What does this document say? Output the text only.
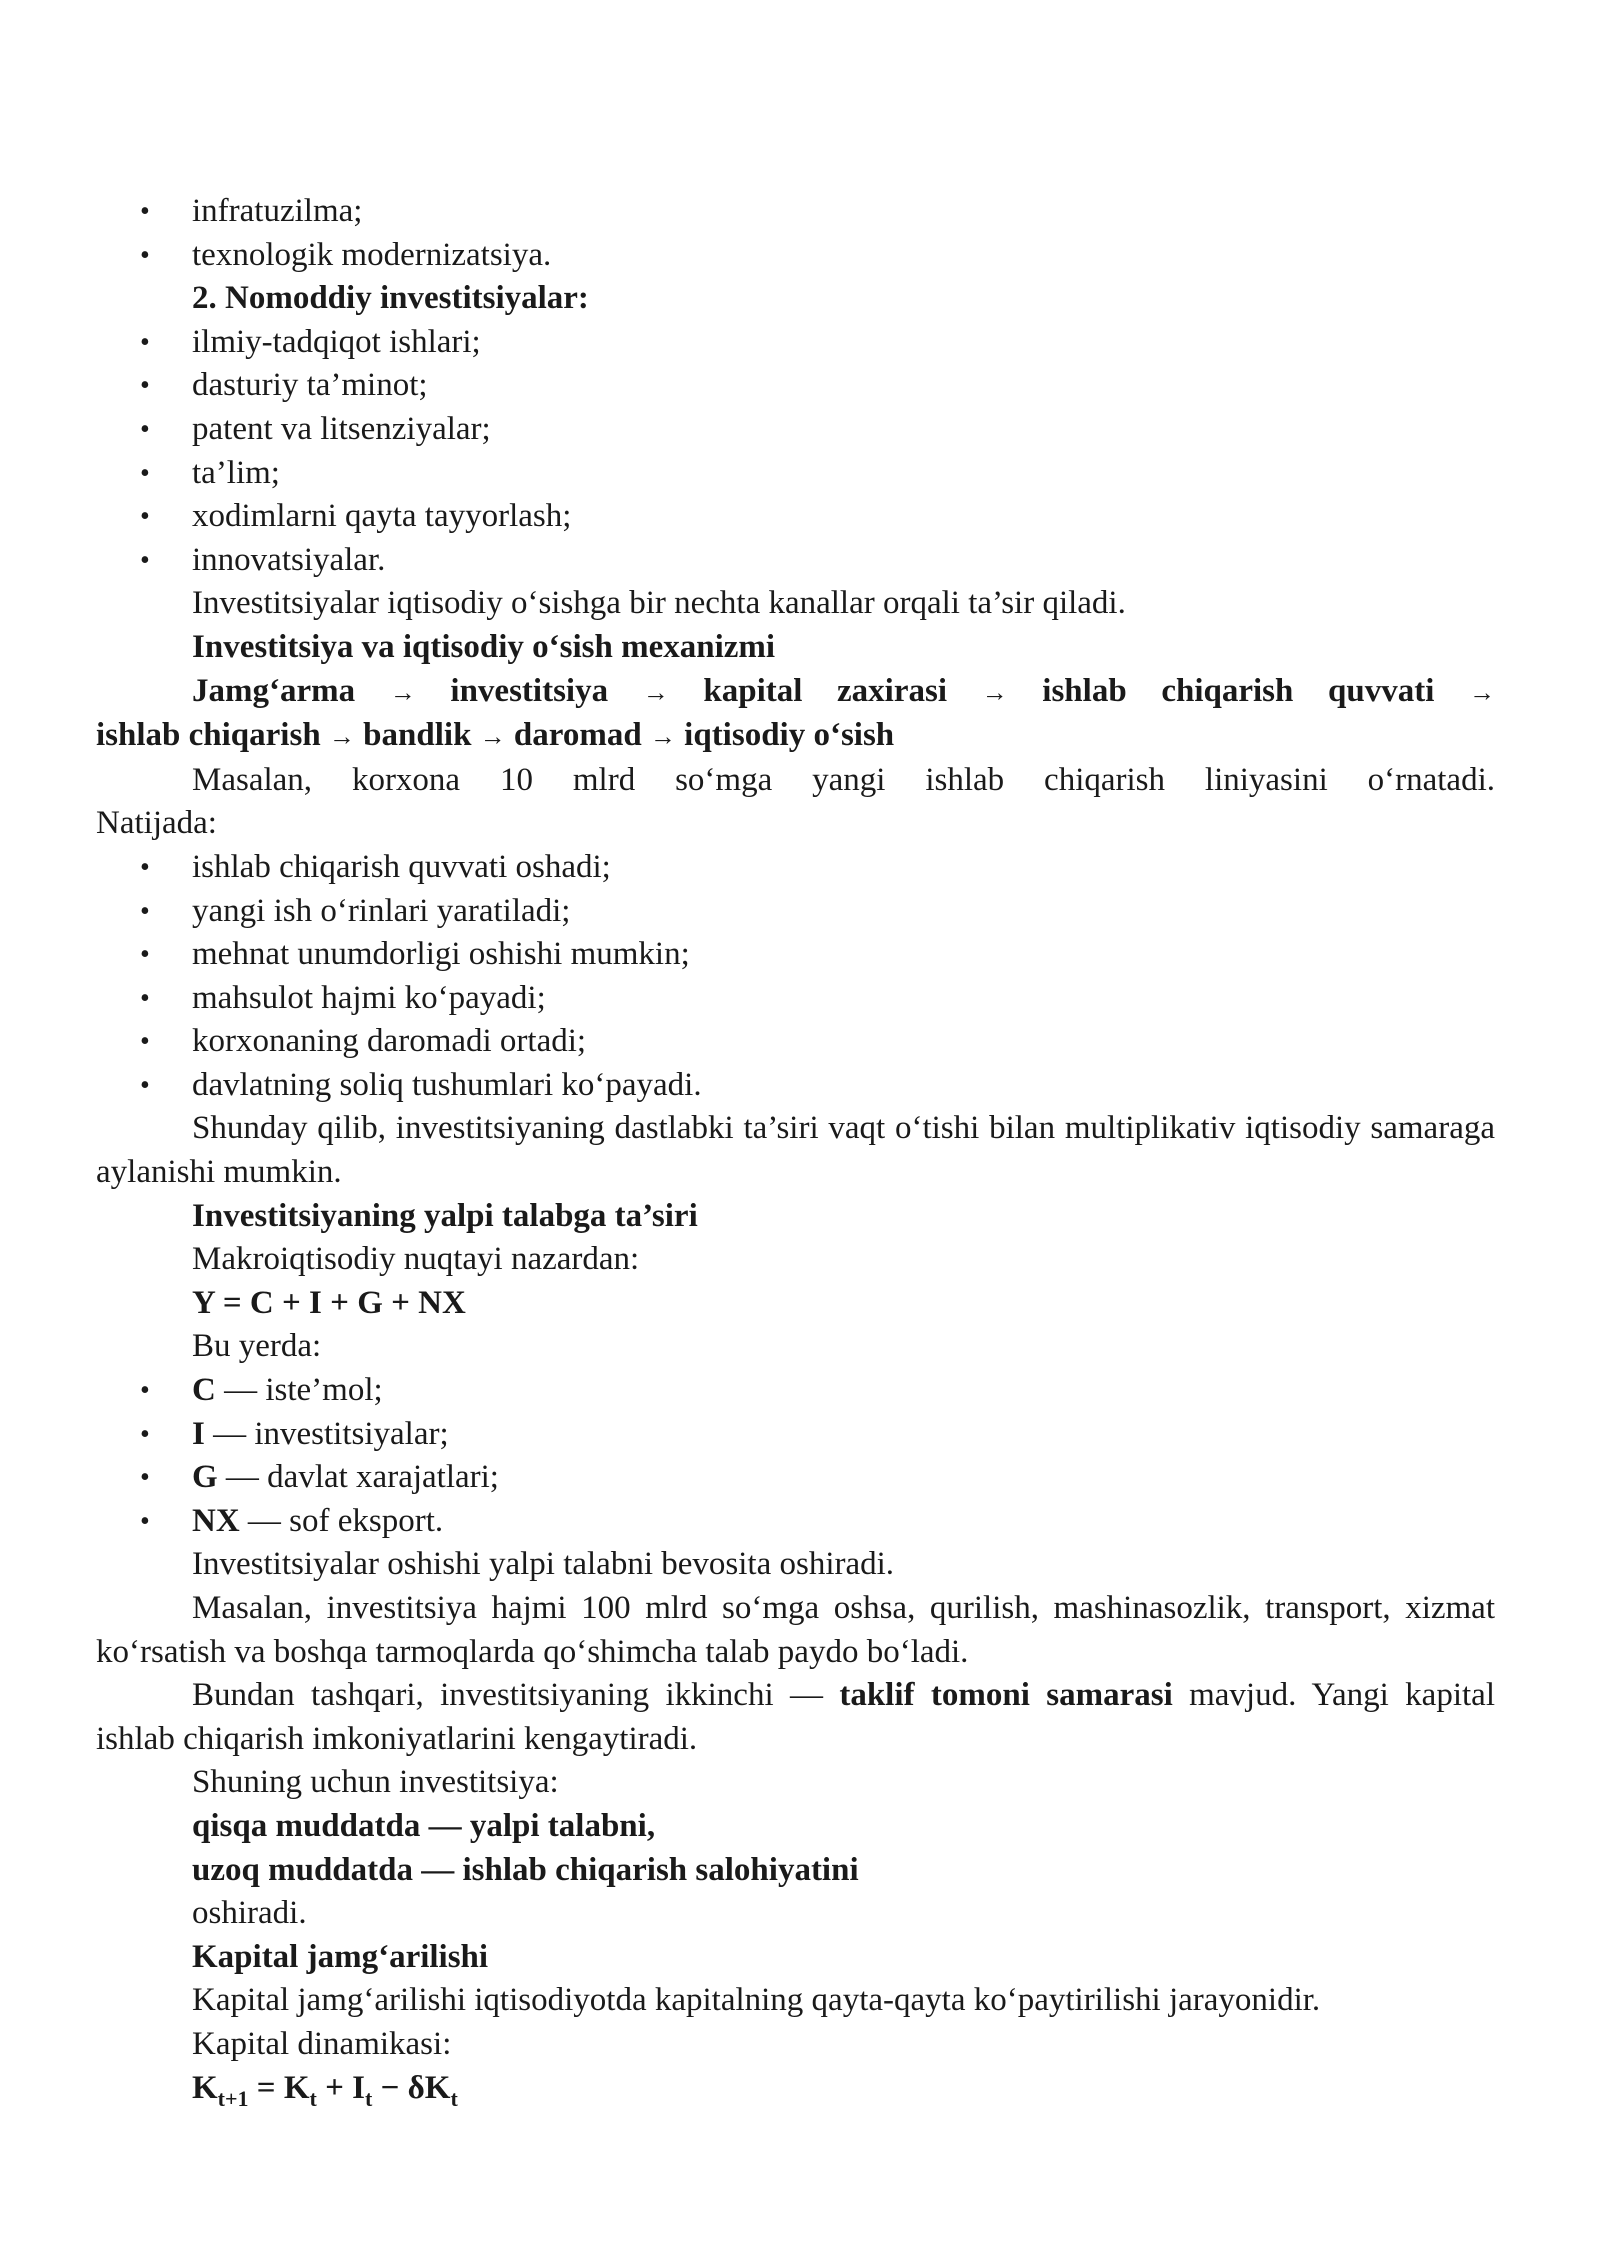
• infratuzilma;

• texnologik modernizatsiya.

2. Nomoddiy investitsiyalar:

• ilmiy-tadqiqot ishlari;

• dasturiy ta’minot;

• patent va litsenziyalar;

• ta’lim;

• xodimlarni qayta tayyorlash;

• innovatsiyalar.

Investitsiyalar iqtisodiy o‘sishga bir nechta kanallar orqali ta’sir qiladi.

Investitsiya va iqtisodiy o‘sish mexanizmi

Jamg‘arma → investitsiya → kapital zaxirasi → ishlab chiqarish quvvati →

ishlab chiqarish → bandlik → daromad → iqtisodiy o‘sish

Masalan, korxona 10 mlrd so‘mga yangi ishlab chiqarish liniyasini o‘rnatadi.

Natijada:

• ishlab chiqarish quvvati oshadi;

• yangi ish o‘rinlari yaratiladi;

• mehnat unumdorligi oshishi mumkin;

• mahsulot hajmi ko‘payadi;

• korxonaning daromadi ortadi;

• davlatning soliq tushumlari ko‘payadi.

Shunday qilib, investitsiyaning dastlabki ta’siri vaqt o‘tishi bilan multiplikativ iqtisodiy samaraga aylanishi mumkin.

Investitsiyaning yalpi talabga ta’siri

Makroiqtisodiy nuqtayi nazardan:

Y = C + I + G + NX

Bu yerda:

• C — iste’mol;

• I — investitsiyalar;

• G — davlat xarajatlari;

• NX — sof eksport.

Investitsiyalar oshishi yalpi talabni bevosita oshiradi.

Masalan, investitsiya hajmi 100 mlrd so‘mga oshsa, qurilish, mashinasozlik, transport, xizmat ko‘rsatish va boshqa tarmoqlarda qo‘shimcha talab paydo bo‘ladi.

Bundan tashqari, investitsiyaning ikkinchi — taklif tomoni samarasi mavjud. Yangi kapital ishlab chiqarish imkoniyatlarini kengaytiradi.

Shuning uchun investitsiya:

qisqa muddatda — yalpi talabni,

uzoq muddatda — ishlab chiqarish salohiyatini

oshiradi.

Kapital jamg‘arilishi

Kapital jamg‘arilishi iqtisodiyotda kapitalning qayta-qayta ko‘paytirilishi jarayonidir.

Kapital dinamikasi:

$K_{t+1} = K_t + I_t - \delta K_t$
